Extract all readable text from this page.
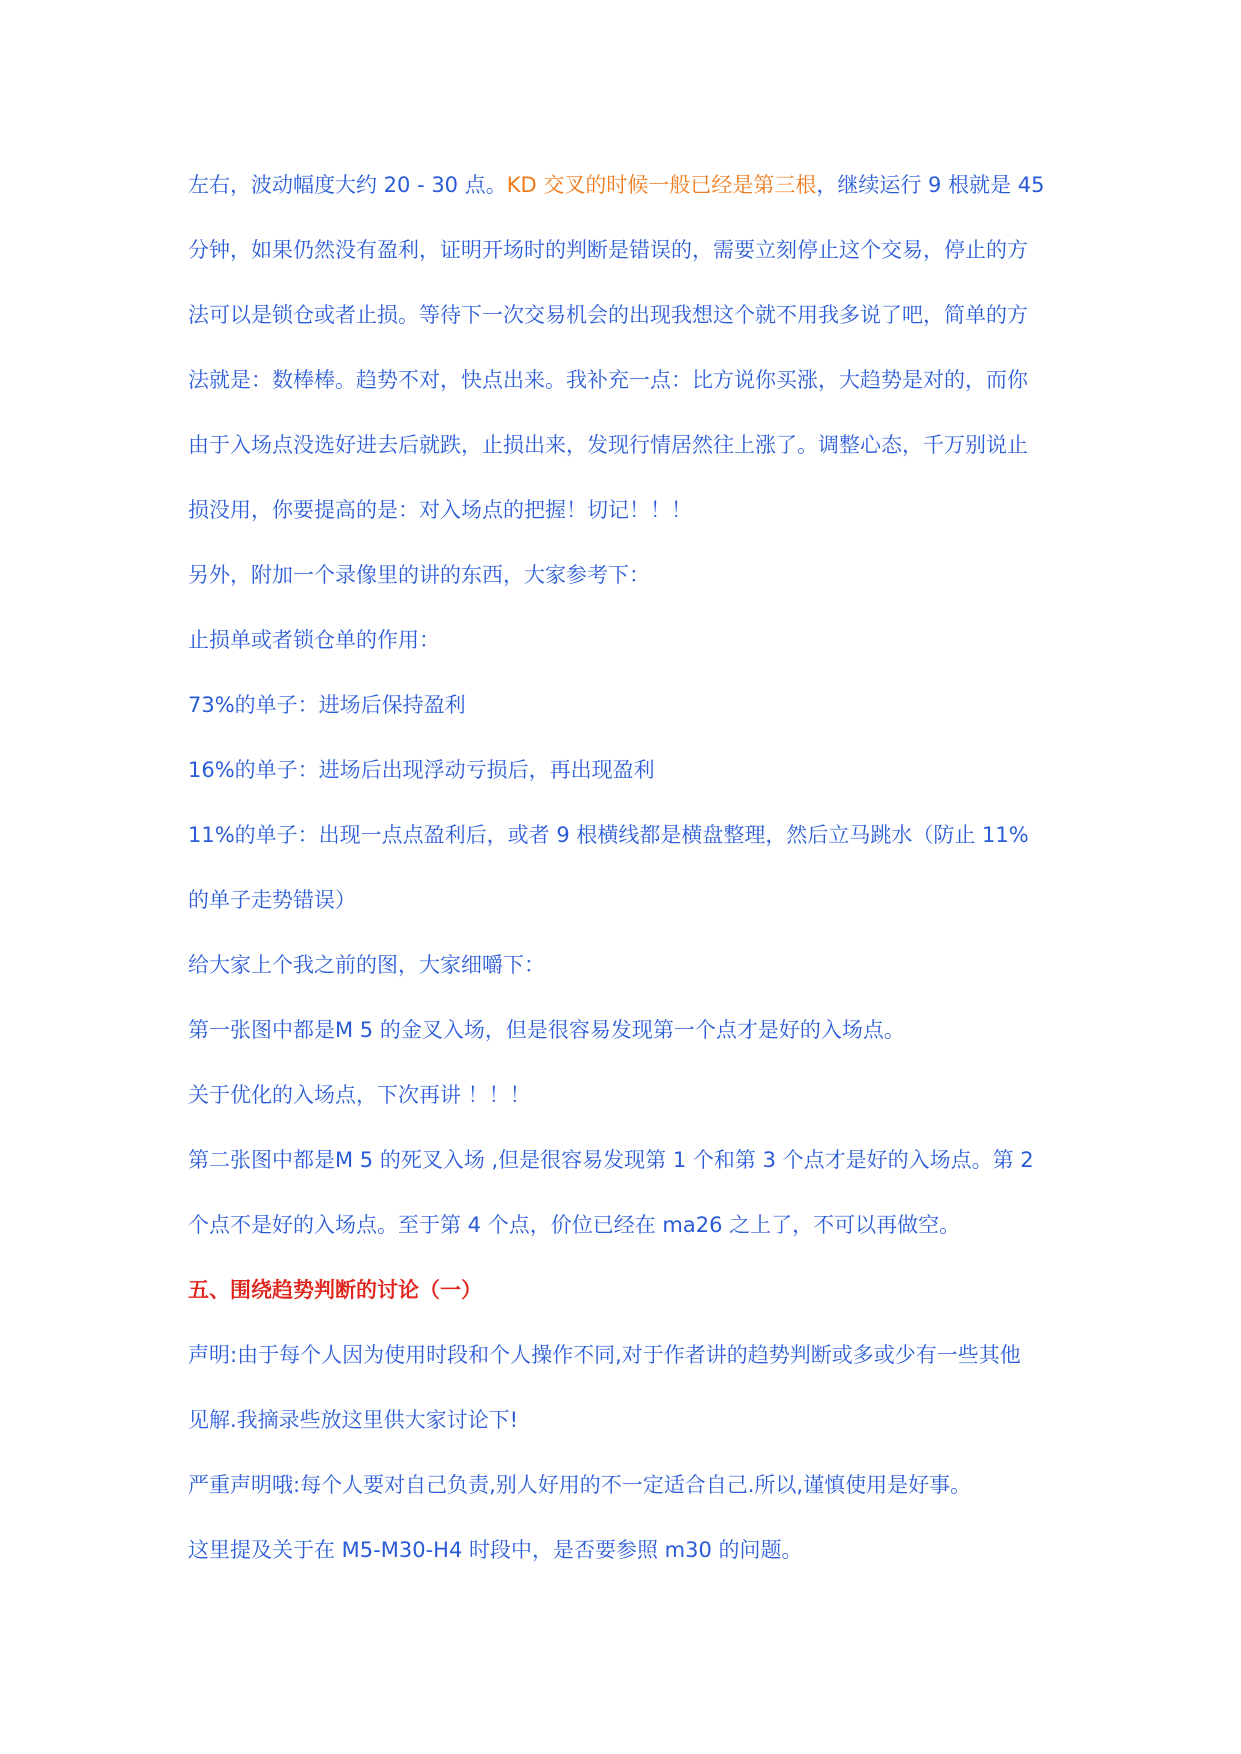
左右，波动幅度大约 20 - 30 点。KD 交叉的时候一般已经是第三根，继续运行 9 根就是 45
分钟，如果仍然没有盈利，证明开场时的判断是错误的，需要立刻停止这个交易，停止的方
法可以是锁仓或者止损。等待下一次交易机会的出现我想这个就不用我多说了吧，简单的方
法就是：数棒棒。趋势不对，快点出来。我补充一点：比方说你买涨，大趋势是对的，而你
由于入场点没选好进去后就跌，止损出来，发现行情居然往上涨了。调整心态，千万别说止
损没用，你要提高的是：对入场点的把握！切记！！！
另外，附加一个录像里的讲的东西，大家参考下：
止损单或者锁仓单的作用：
73%的单子：进场后保持盈利
16%的单子：进场后出现浮动亏损后，再出现盈利
11%的单子：出现一点点盈利后，或者 9 根横线都是横盘整理，然后立马跳水（防止 11%
的单子走势错误）
给大家上个我之前的图，大家细嚼下：
第一张图中都是M 5 的金叉入场，但是很容易发现第一个点才是好的入场点。
关于优化的入场点，下次再讲 ！！！
第二张图中都是M 5 的死叉入场 ,但是很容易发现第 1 个和第 3 个点才是好的入场点。第 2
个点不是好的入场点。至于第 4 个点，价位已经在 ma26 之上了，不可以再做空。
五、围绕趋势判断的讨论（一）
声明:由于每个人因为使用时段和个人操作不同,对于作者讲的趋势判断或多或少有一些其他
见解.我摘录些放这里供大家讨论下!
严重声明哦:每个人要对自己负责,别人好用的不一定适合自己.所以,谨慎使用是好事。
这里提及关于在 M5-M30-H4 时段中，是否要参照 m30 的问题。
